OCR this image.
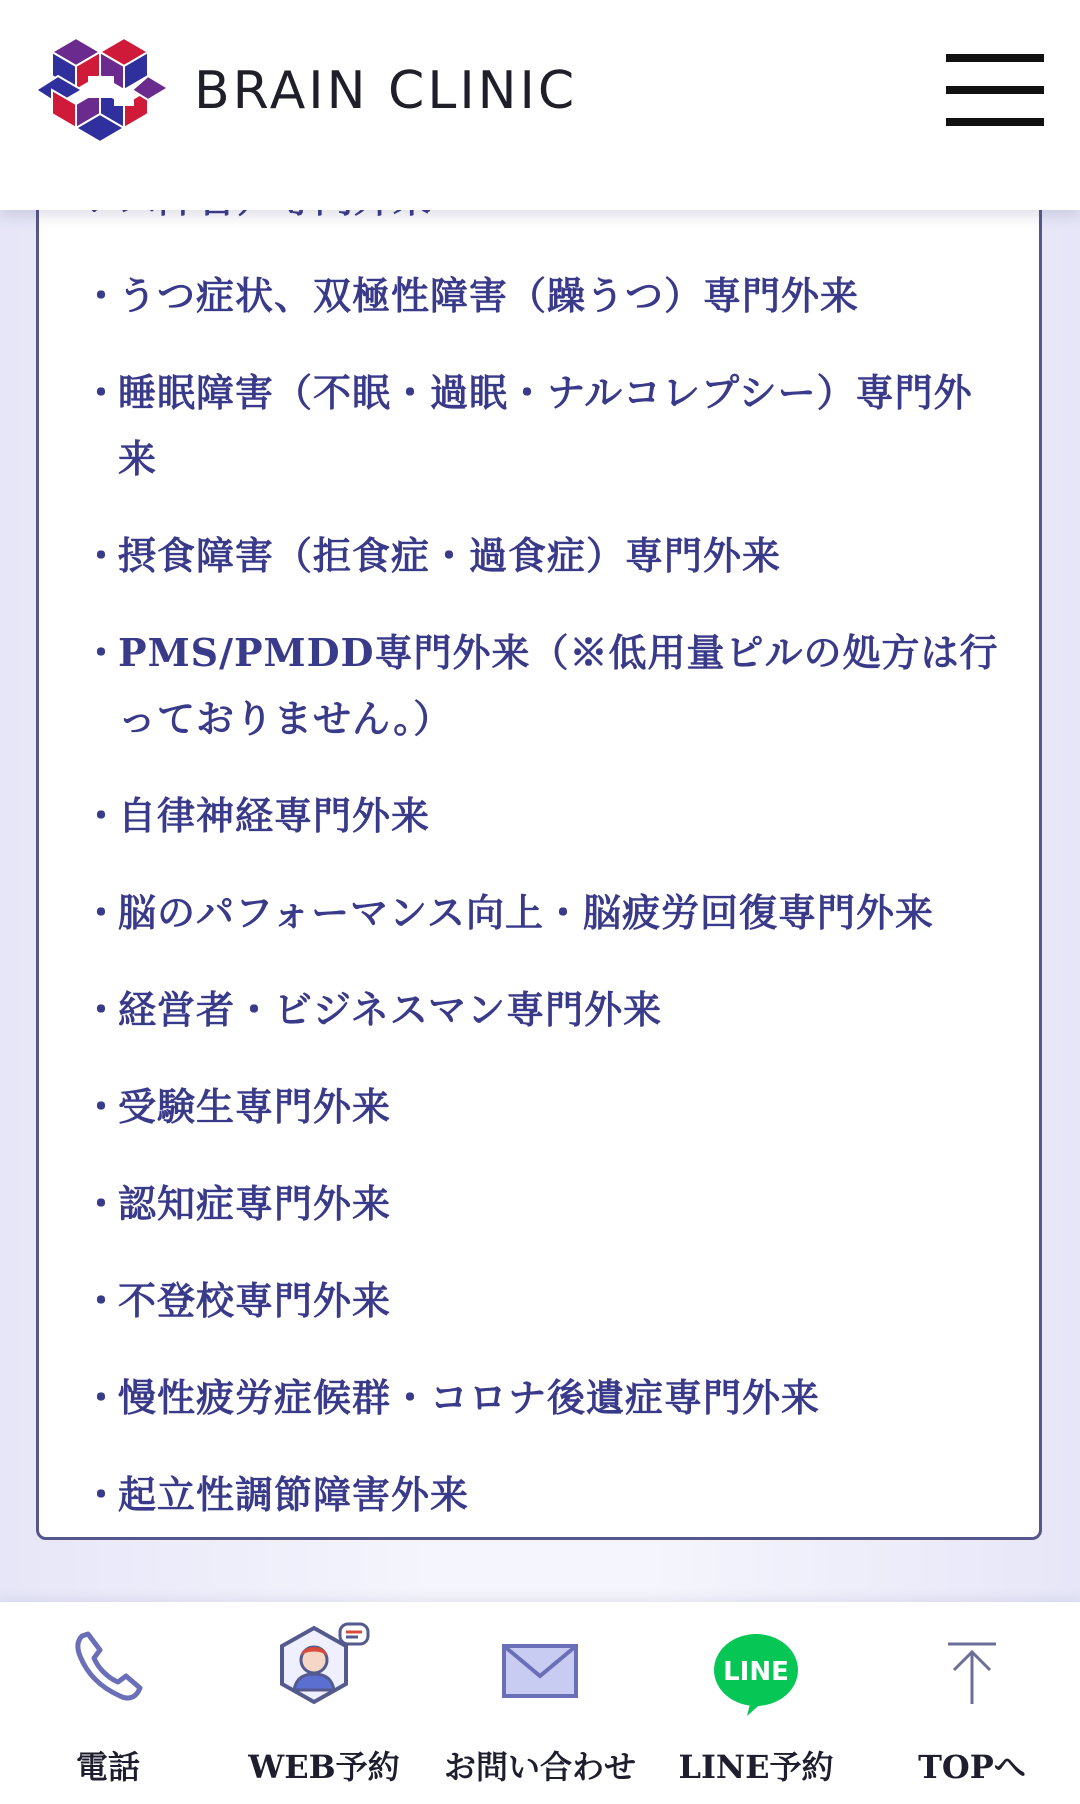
BRAIN CLINIC
・うつ症状、双極性障害（躁うつ）専門外来
・睡眠障害（不眠・過眠・ナルコレプシー）専門外来
・摂食障害（拒食症・過食症）専門外来
・PMS/PMDD専門外来（※低用量ピルの処方は行っておりません。）
・自律神経専門外来
・脳のパフォーマンス向上・脳疲労回復専門外来
・経営者・ビジネスマン専門外来
・受験生専門外来
・認知症専門外来
・不登校専門外来
・慢性疲労症候群・コロナ後遺症専門外来
・起立性調節障害外来
電話	WEB予約	お問い合わせ
LINE
LINE予約	TOPへ
